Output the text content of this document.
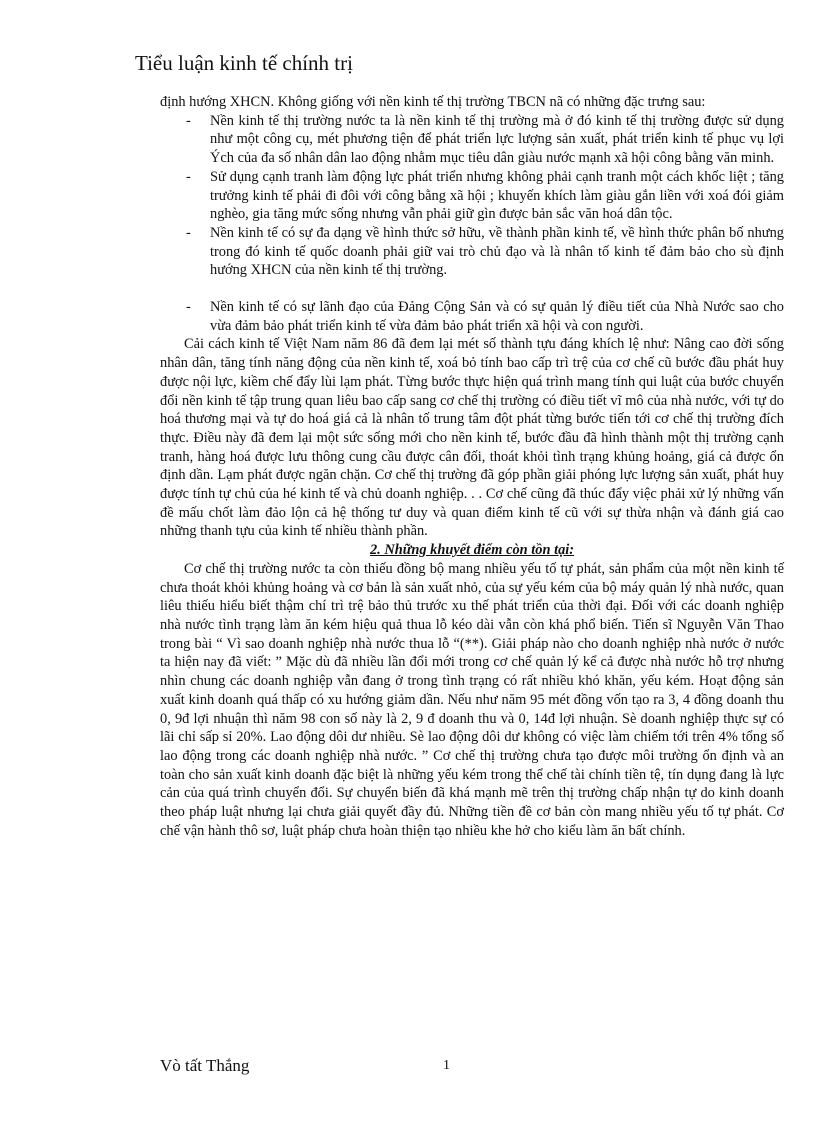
Tiểu luận kinh tế chính trị

định hướng XHCN. Không giống với nền kinh tế thị trường TBCN nã có những đặc trưng sau:

- Nền kinh tế thị trường nước ta là nền kinh tế thị trường mà ở đó kinh tế thị trường được sử dụng như một công cụ, mét phương tiện để phát triển lực lượng sản xuất, phát triển kinh tế phục vụ lợi Ých của đa số nhân dân lao động nhằm mục tiêu dân giàu nước mạnh xã hội công bằng văn minh.
- Sử dụng cạnh tranh làm động lực phát triển nhưng không phải cạnh tranh một cách khốc liệt ; tăng trưởng kinh tế phải đi đôi với công bằng xã hội ; khuyến khích làm giàu gắn liền với xoá đói giảm nghèo, gia tăng mức sống nhưng vẫn phải giữ gìn được bản sắc văn hoá dân tộc.
- Nền kinh tế có sự đa dạng về hình thức sở hữu, về thành phần kinh tế, về hình thức phân bố nhưng trong đó kinh tế quốc doanh phải giữ vai trò chủ đạo và là nhân tố kinh tế đảm bảo cho sù định hướng XHCN của nền kinh tế thị trường.
- Nền kinh tế có sự lãnh đạo của Đảng Cộng Sản và có sự quản lý điều tiết của Nhà Nước sao cho vừa đảm bảo phát triển kinh tế vừa đảm bảo phát triển xã hội và con người.

Cải cách kinh tế Việt Nam năm 86 đã đem lại mét số thành tựu đáng khích lệ như: Nâng cao đời sống nhân dân, tăng tính năng động của nền kinh tế, xoá bỏ tính bao cấp trì trệ của cơ chế cũ bước đầu phát huy được nội lực, kiềm chế đẩy lùi lạm phát. Từng bước thực hiện quá trình mang tính qui luật của bước chuyển đổi nền kinh tế tập trung quan liêu bao cấp sang cơ chế thị trường có điều tiết vĩ mô của nhà nước, với tự do hoá thương mại và tự do hoá giá cả là nhân tố trung tâm đột phát từng bước tiến tới cơ chế thị trường đích thực. Điều này đã đem lại một sức sống mới cho nền kinh tế, bước đầu đã hình thành một thị trường cạnh tranh, hàng hoá được lưu thông cung cầu được cân đối, thoát khỏi tình trạng khủng hoảng, giá cả được ổn định dần. Lạm phát được ngăn chặn. Cơ chế thị trường đã góp phần giải phóng lực lượng sản xuất, phát huy được tính tự chủ của hé kinh tế và chủ doanh nghiệp. . . Cơ chế cũng đã thúc đẩy việc phải xử lý những vấn đề mấu chốt làm đảo lộn cả hệ thống tư duy và quan điểm kinh tế cũ với sự thừa nhận và đánh giá cao những thanh tựu của kinh tế nhiều thành phần.

2. Những khuyết điểm còn tồn tại:

Cơ chế thị trường nước ta còn thiếu đồng bộ mang nhiều yếu tố tự phát, sản phẩm của một nền kinh tế chưa thoát khỏi khủng hoảng và cơ bản là sản xuất nhỏ, của sự yếu kém của bộ máy quản lý nhà nước, quan liêu thiếu hiểu biết thậm chí trì trệ bảo thủ trước xu thế phát triển của thời đại. Đối với các doanh nghiệp nhà nước tình trạng làm ăn kém hiệu quả thua lỗ kéo dài vẫn còn khá phổ biến. Tiến sĩ Nguyễn Văn Thao trong bài “ Vì sao doanh nghiệp nhà nước thua lỗ “(**). Giải pháp nào cho doanh nghiệp nhà nước ở nước ta hiện nay đã viết: ” Mặc dù đã nhiều lần đổi mới trong cơ chế quản lý kể cả được nhà nước hỗ trợ nhưng nhìn chung các doanh nghiệp vẫn đang ở trong tình trạng có rất nhiều khó khăn, yếu kém. Hoạt động sản xuất kinh doanh quá thấp có xu hướng giảm dần. Nếu như năm 95 mét đồng vốn tạo ra 3, 4 đồng doanh thu 0, 9đ lợi nhuận thì năm 98 con số này là 2, 9 đ doanh thu và 0, 14đ lợi nhuận. Sè doanh nghiệp thực sự có lãi chỉ sấp sỉ 20%. Lao động dôi dư nhiều. Sè lao động dôi dư không có việc làm chiếm tới trên 4% tổng số lao động trong các doanh nghiệp nhà nước. ” Cơ chế thị trường chưa tạo được môi trường ổn định và an toàn cho sản xuất kinh doanh đặc biệt là những yếu kém trong thể chế tài chính tiền tệ, tín dụng đang là lực cản của quá trình chuyển đổi. Sự chuyển biến đã khá mạnh mẽ trên thị trường chấp nhận tự do kinh doanh theo pháp luật nhưng lại chưa giải quyết đầy đủ. Những tiền đề cơ bản còn mang nhiều yếu tố tự phát. Cơ chế vận hành thô sơ, luật pháp chưa hoàn thiện tạo nhiều khe hở cho kiểu làm ăn bất chính.

Vò tất Thắng	1
